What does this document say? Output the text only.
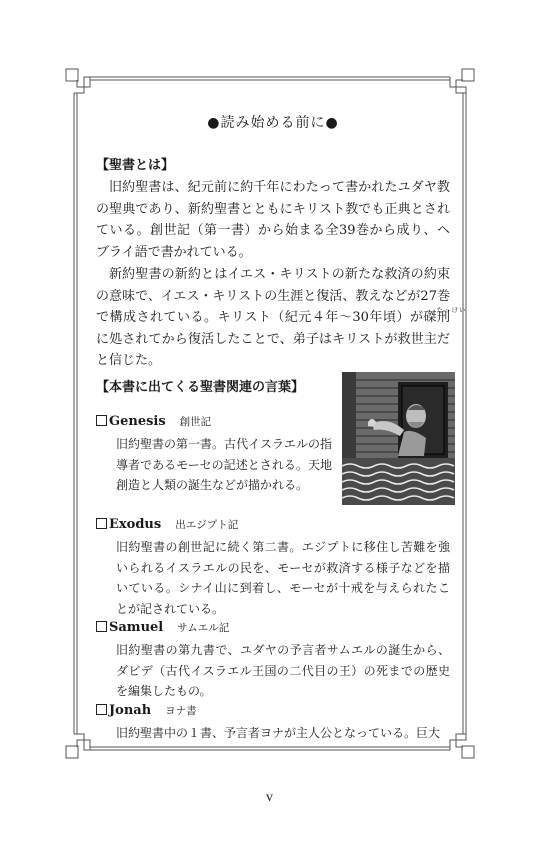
●読み始める前に●
【聖書とは】

旧約聖書は、紀元前に約千年にわたって書かれたユダヤ教の聖典であり、新約聖書とともにキリスト教でも正典とされている。創世記（第一書）から始まる全39巻から成り、ヘブライ語で書かれている。

新約聖書の新約とはイエス・キリストの新たな救済の約束の意味で、イエス・キリストの生涯と復活、教えなどが27巻で構成されている。キリスト（紀元４年～30年頃）が	たっけい
磔刑に処されてから復活したことで、弟子はキリストが救世主だと信じた。

【本書に出てくる聖書関連の言葉】
Genesis 創世記

旧約聖書の第一書。古代イスラエルの指導者であるモーセの記述とされる。天地創造と人類の誕生などが描かれる。

Exodus 出エジプト記

旧約聖書の創世記に続く第二書。エジプトに移住し苦難を強いられるイスラエルの民を、モーセが救済する様子などを描いている。シナイ山に到着し、モーセが十戒を与えられたことが記されている。

Samuel サムエル記

旧約聖書の第九書で、ユダヤの予言者サムエルの誕生から、ダビデ（古代イスラエル王国の二代目の王）の死までの歴史を編集したもの。

Jonah ヨナ書

旧約聖書中の１書、予言者ヨナが主人公となっている。巨大

v
